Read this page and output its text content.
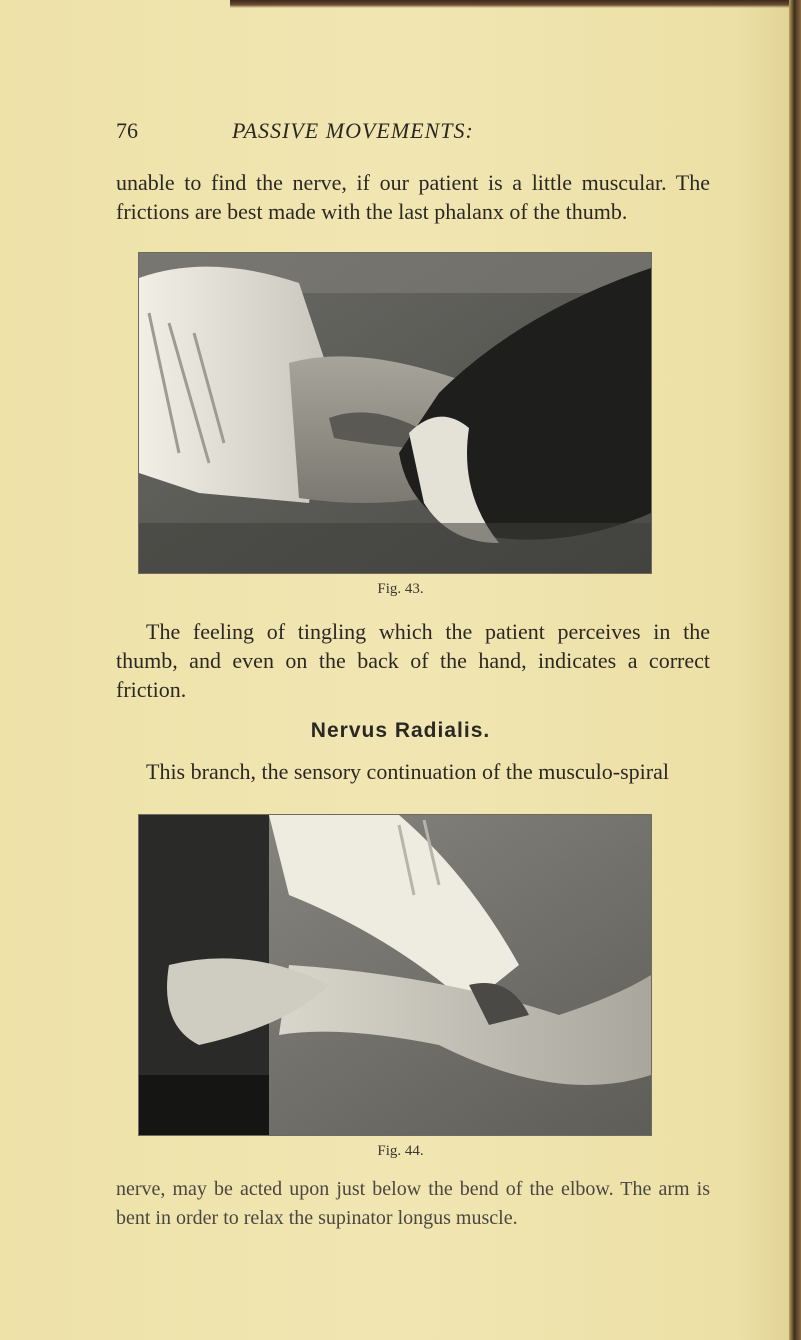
76	PASSIVE MOVEMENTS:

unable to find the nerve, if our patient is a little muscular. The frictions are best made with the last phalanx of the thumb.

Fig. 43.

The feeling of tingling which the patient perceives in the thumb, and even on the back of the hand, indicates a correct friction.

Nervus Radialis.

This branch, the sensory continuation of the musculo-spiral

Fig. 44.

nerve, may be acted upon just below the bend of the elbow. The arm is bent in order to relax the supinator longus muscle.
